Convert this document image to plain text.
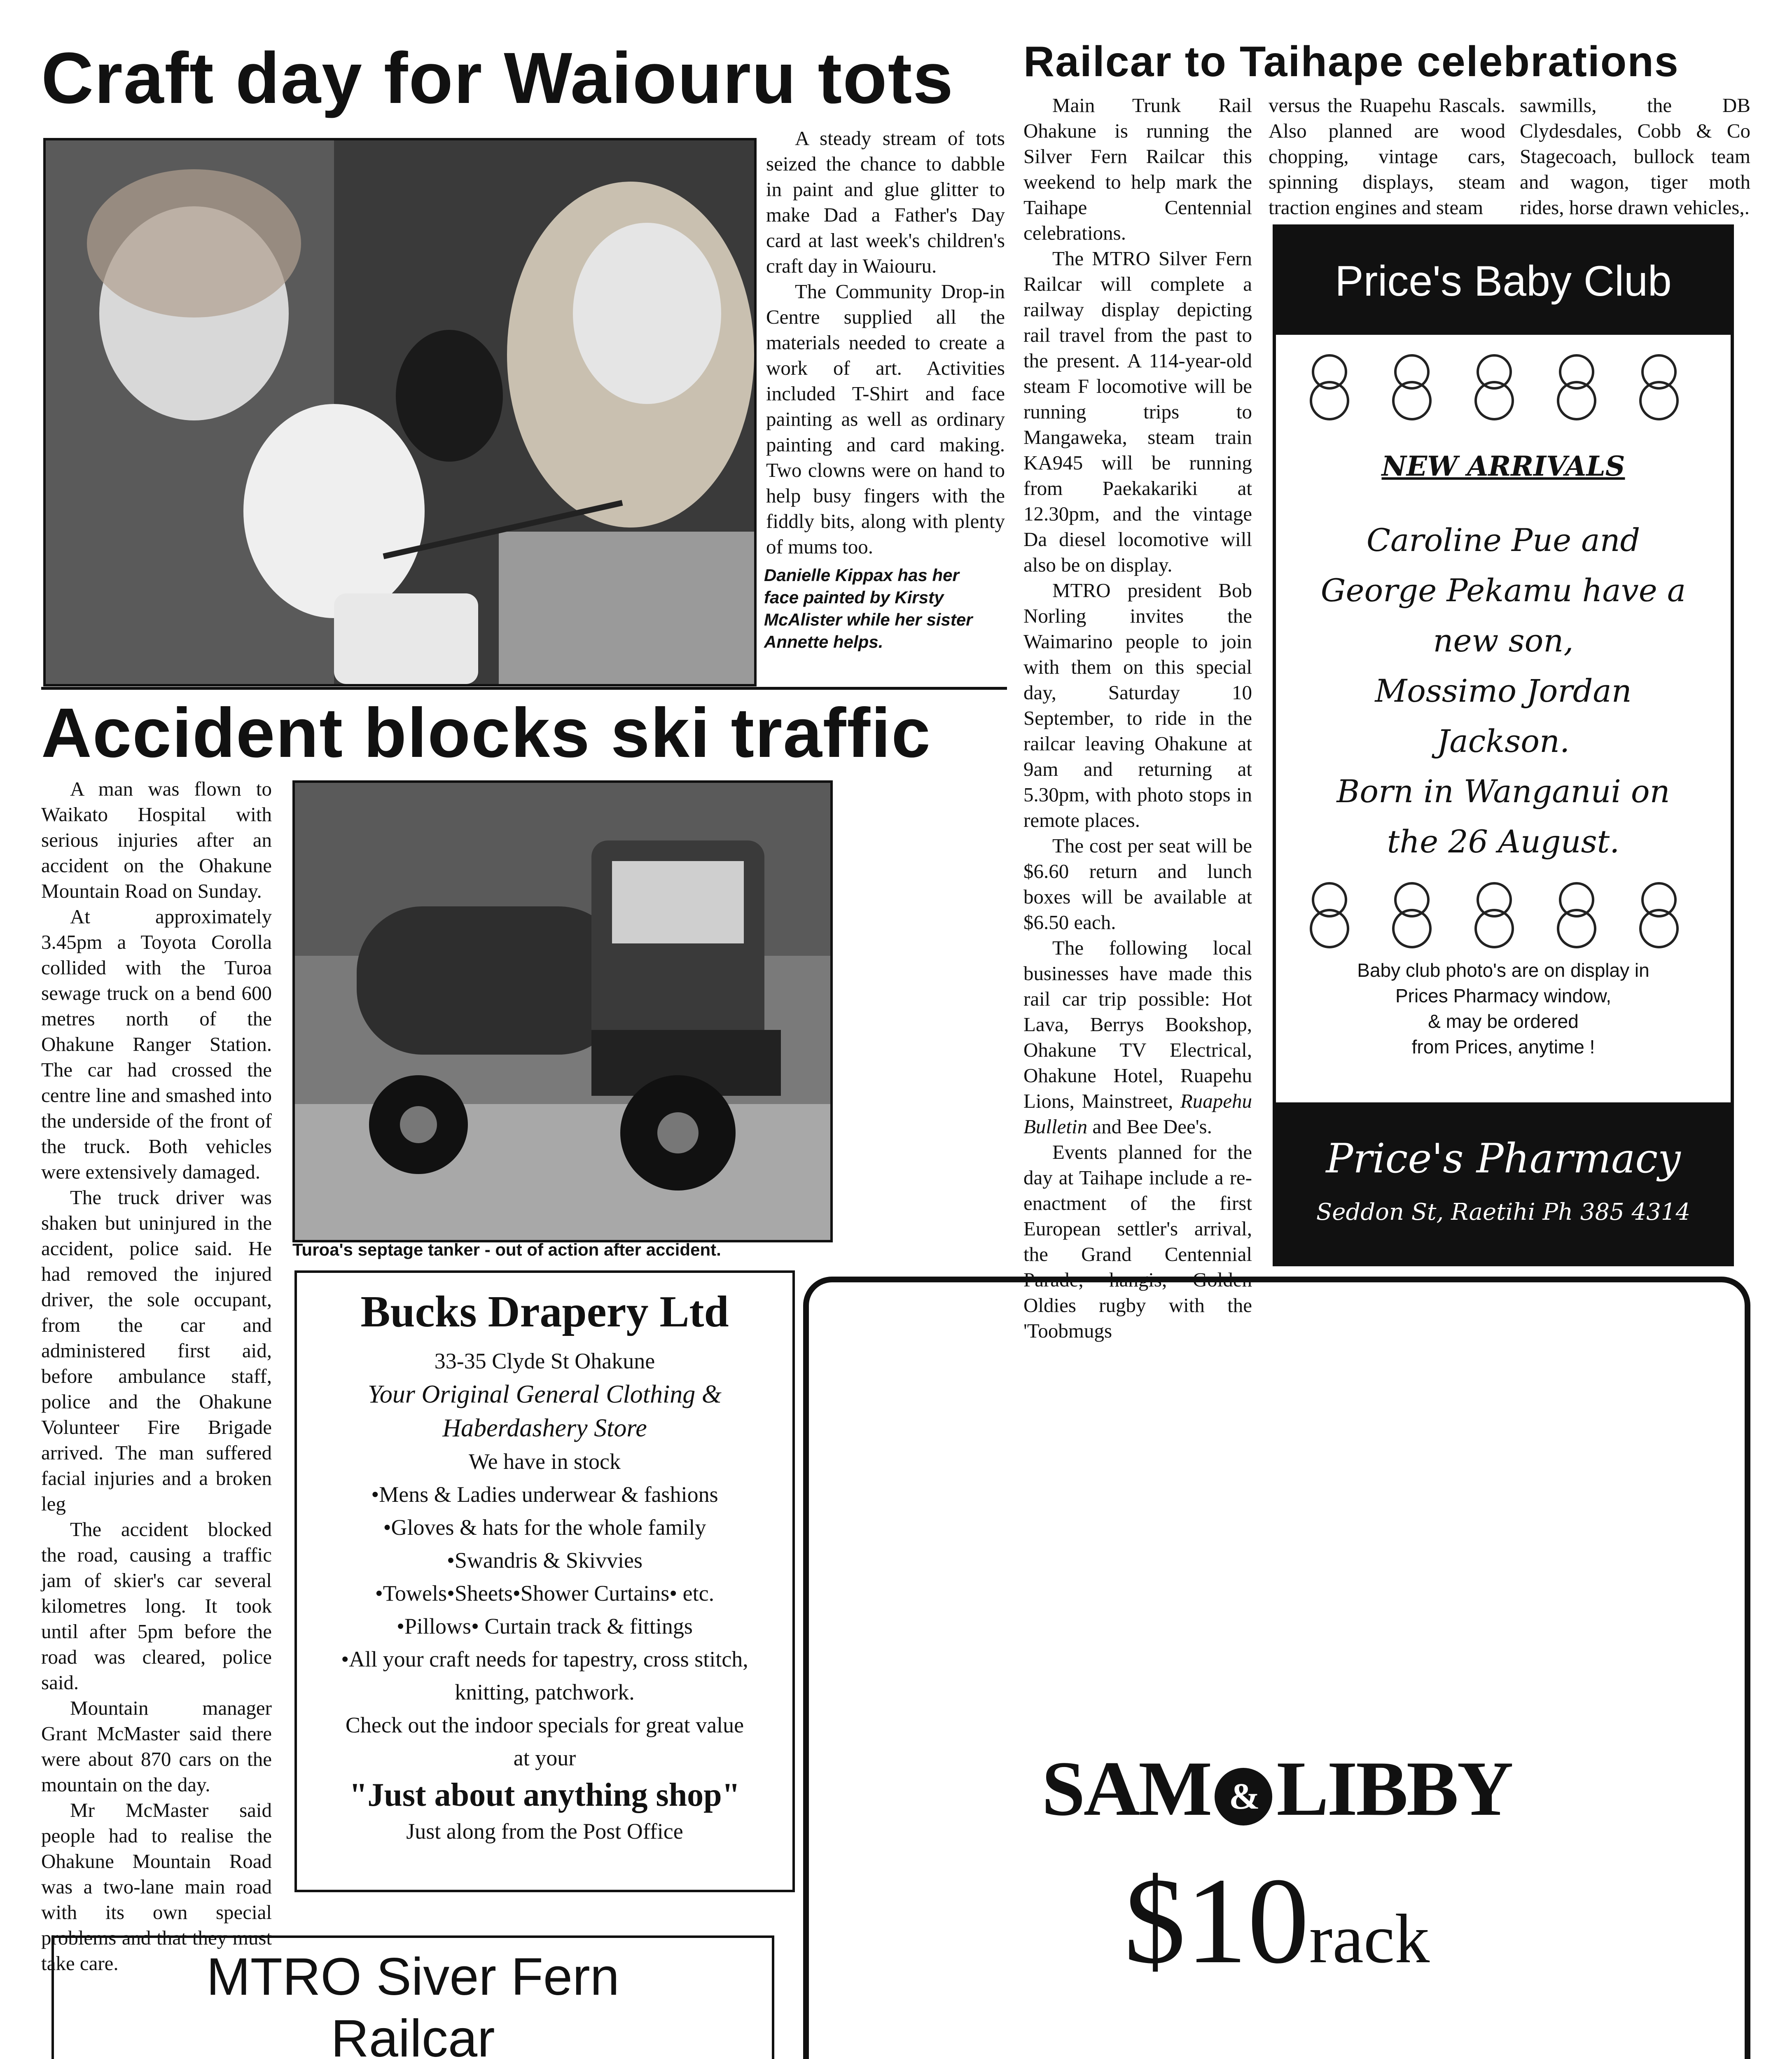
Craft day for Waiouru tots

A steady stream of tots seized the chance to dabble in paint and glue glitter to make Dad a Father's Day card at last week's children's craft day in Waiouru.

The Community Drop-in Centre supplied all the materials needed to create a work of art. Activities included T-Shirt and face painting as well as ordinary painting and card making. Two clowns were on hand to help busy fingers with the fiddly bits, along with plenty of mums too.

Danielle Kippax has her face painted by Kirsty McAlister while her sister Annette helps.
Accident blocks ski traffic

A man was flown to Waikato Hospital with serious injuries after an accident on the Ohakune Mountain Road on Sunday.

At approximately 3.45pm a Toyota Corolla collided with the Turoa sewage truck on a bend 600 metres north of the Ohakune Ranger Station. The car had crossed the centre line and smashed into the underside of the front of the truck. Both vehicles were extensively damaged.

The truck driver was shaken but uninjured in the accident, police said. He had removed the injured driver, the sole occupant, from the car and administered first aid, before ambulance staff, police and the Ohakune Volunteer Fire Brigade arrived. The man suffered facial injuries and a broken leg

The accident blocked the road, causing a traffic jam of skier's car several kilometres long. It took until after 5pm before the road was cleared, police said.

Mountain manager Grant McMaster said there were about 870 cars on the mountain on the day.

Mr McMaster said people had to realise the Ohakune Mountain Road was a two-lane main road with its own special problems and that they must take care.

Turoa's septage tanker - out of action after accident.
Railcar to Taihape celebrations

Main Trunk Rail Ohakune is running the Silver Fern Railcar this weekend to help mark the Taihape Centennial celebrations.

The MTRO Silver Fern Railcar will complete a railway display depicting rail travel from the past to the present. A 114-year-old steam F locomotive will be running trips to Mangaweka, steam train KA945 will be running from Paekakariki at 12.30pm, and the vintage Da diesel locomotive will also be on display.

MTRO president Bob Norling invites the Waimarino people to join with them on this special day, Saturday 10 September, to ride in the railcar leaving Ohakune at 9am and returning at 5.30pm, with photo stops in remote places.

The cost per seat will be $6.60 return and lunch boxes will be available at $6.50 each.

The following local businesses have made this rail car trip possible: Hot Lava, Berrys Bookshop, Ohakune TV Electrical, Ohakune Hotel, Ruapehu Lions, Mainstreet, Ruapehu Bulletin and Bee Dee's.

Events planned for the day at Taihape include a re-enactment of the first European settler's arrival, the Grand Centennial Parade, hangis, Golden Oldies rugby with the 'Toobmugs

versus the Ruapehu Rascals. Also planned are wood chopping, vintage cars, spinning displays, steam traction engines and steam

sawmills, the DB Clydesdales, Cobb & Co Stagecoach, bullock team and wagon, tiger moth rides, horse drawn vehicles,.

Price's Baby Club
NEW ARRIVALS
Caroline Pue and
George Pekamu have a
new son,
Mossimo Jordan
Jackson.
Born in Wanganui on
the 26 August.
Baby club photo's are on display in
Prices Pharmacy window,
& may be ordered
from Prices, anytime !
Price's Pharmacy
Seddon St, Raetihi Ph 385 4314
Bucks Drapery Ltd
33-35 Clyde St Ohakune
Your Original General Clothing &
Haberdashery Store
We have in stock
•Mens & Ladies underwear & fashions
•Gloves & hats for the whole family
•Swandris & Skivvies
•Towels•Sheets•Shower Curtains• etc.
•Pillows• Curtain track & fittings
•All your craft needs for tapestry, cross stitch,
knitting, patchwork.
Check out the indoor specials for great value
at your
"Just about anything shop"
Just along from the Post Office	SAM & LIBBY
$10rack
MTRO Siver Fern
Railcar
